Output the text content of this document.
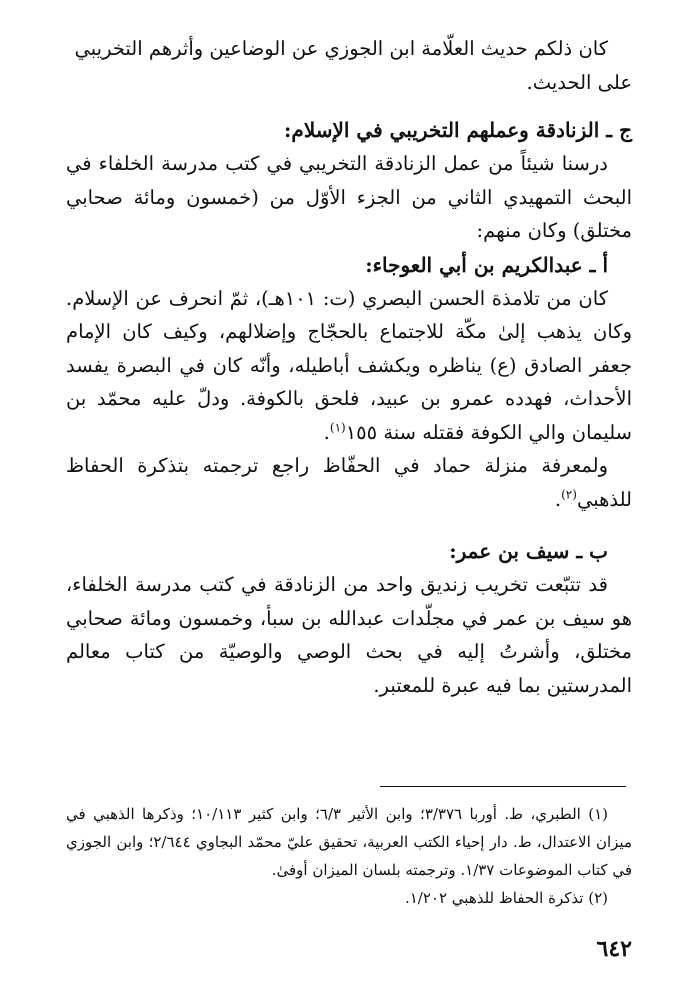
كان ذلكم حديث العلّامة ابن الجوزي عن الوضاعين وأثرهم التخريبي
على الحديث.

ج ـ الزنادقة وعملهم التخريبي في الإسلام:

درسنا شيئاً من عمل الزنادقة التخريبي في كتب مدرسة الخلفاء في البحث التمهيدي الثاني من الجزء الأوّل من (خمسون ومائة صحابي مختلق) وكان منهم:

أ ـ عبدالكريم بن أبي العوجاء:

كان من تلامذة الحسن البصري (ت: ١٠١هـ)، ثمّ انحرف عن الإسلام. وكان يذهب إلىٰ مكّة للاجتماع بالحجّاج وإضلالهم، وكيف كان الإمام جعفر الصادق (ع) يناظره ويكشف أباطيله، وأنّه كان في البصرة يفسد الأحداث، فهدده عمرو بن عبيد، فلحق بالكوفة. ودلّ عليه محمّد بن سليمان والي الكوفة فقتله سنة ١٥٥$^{(١)}$.

ولمعرفة منزلة حماد في الحفّاظ راجع ترجمته بتذكرة الحفاظ للذهبي$^{(٢)}$.

ب ـ سيف بن عمر:

قد تتبّعت تخريب زنديق واحد من الزنادقة في كتب مدرسة الخلفاء، هو سيف بن عمر في مجلّدات عبدالله بن سبأ، وخمسون ومائة صحابي مختلق، وأشرتُ إليه في بحث الوصي والوصيّة من كتاب معالم المدرستين بما فيه عبرة للمعتبر.

(١) الطبري، ط. أوربا ٣/٣٧٦؛ وابن الأثير ٦/٣؛ وابن كثير ١٠/١١٣؛ وذكرها الذهبي في ميزان الاعتدال، ط. دار إحياء الكتب العربية، تحقيق عليّ محمّد البجاوي ٢/٦٤٤؛ وابن الجوزي في كتاب الموضوعات ١/٣٧. وترجمته بلسان الميزان أوفىٰ.

(٢) تذكرة الحفاظ للذهبي ١/٢٠٢.

٦٤٢
